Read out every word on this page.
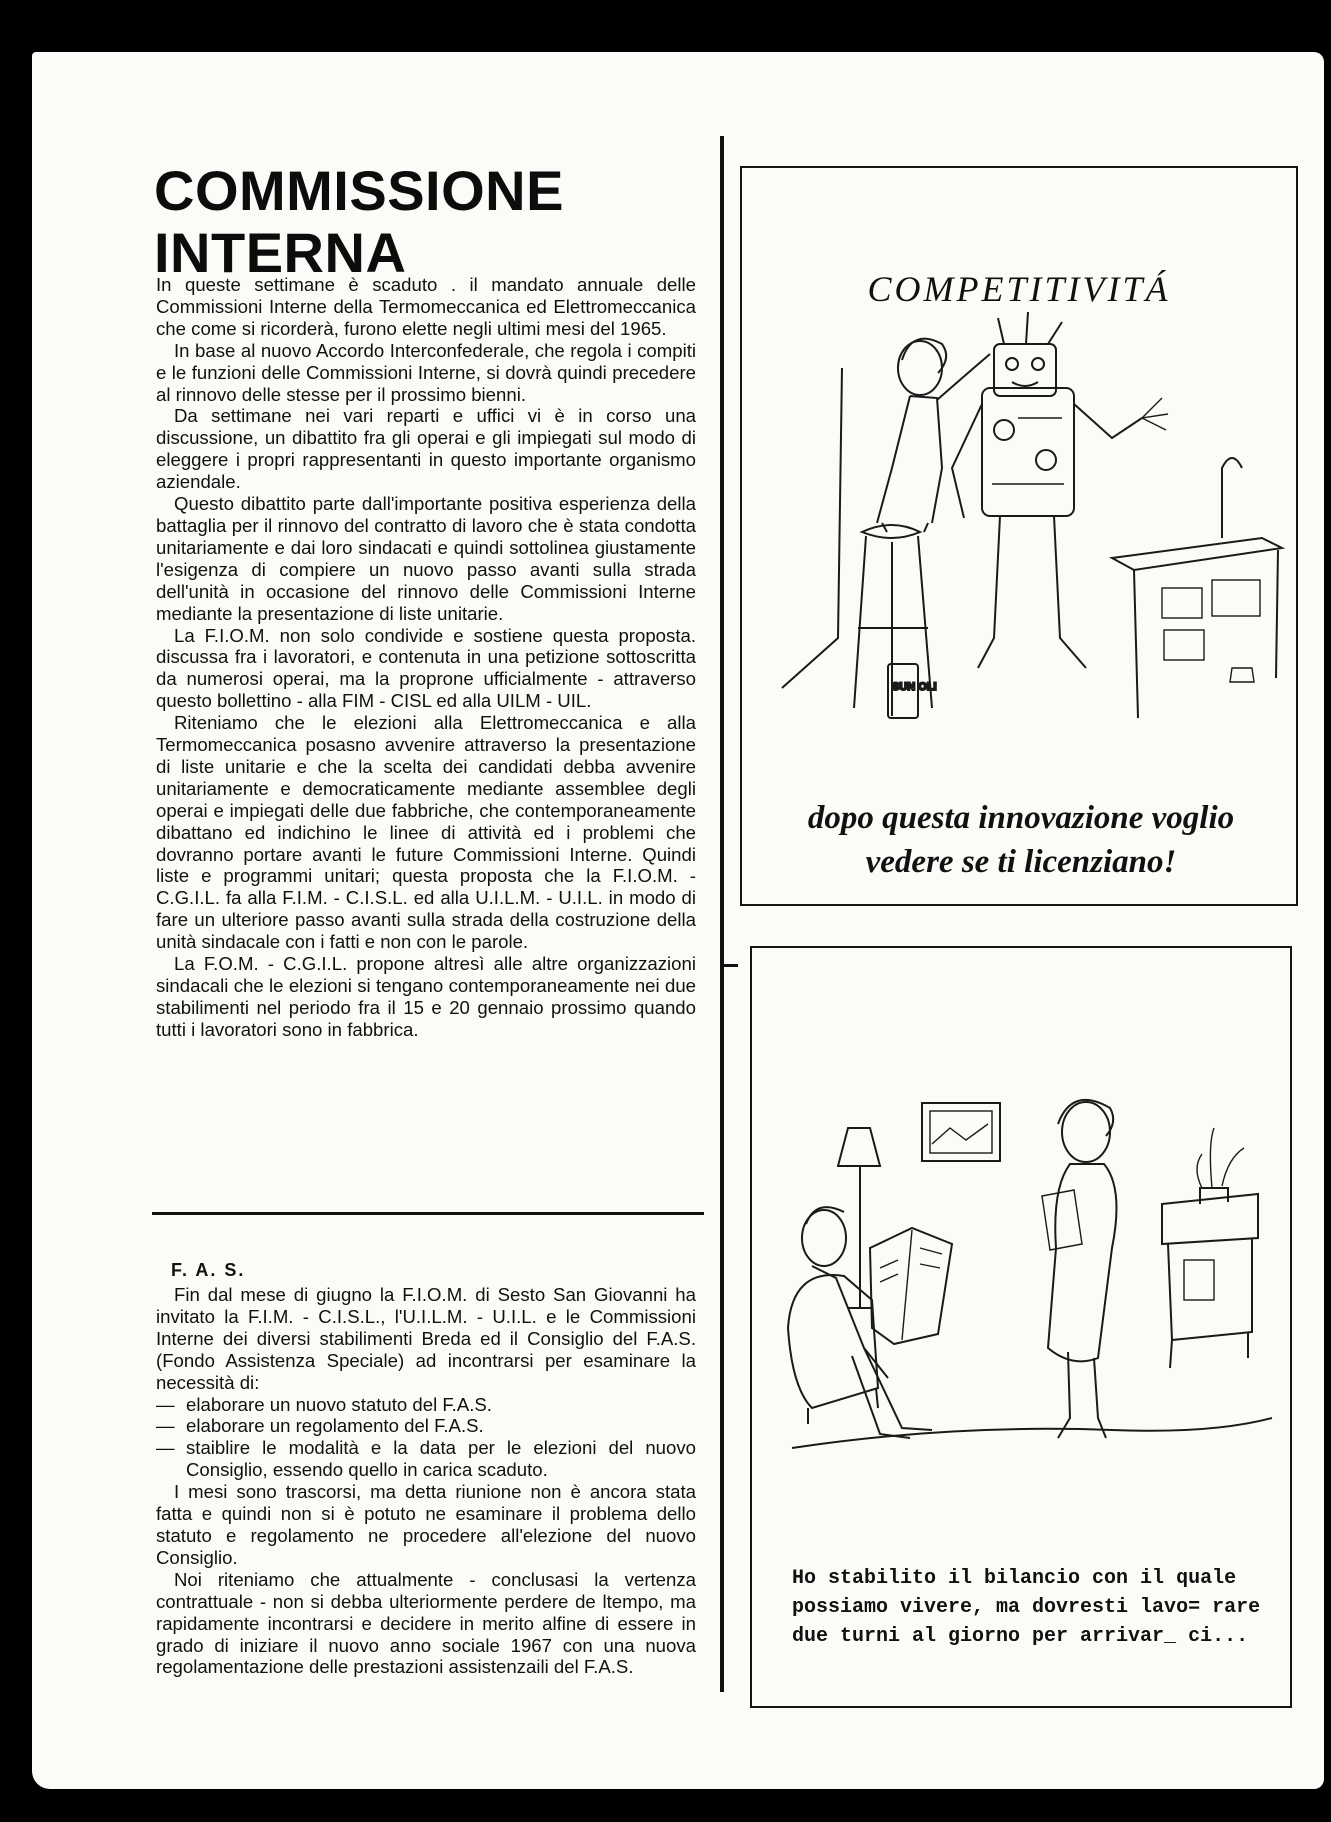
COMMISSIONE
INTERNA

In queste settimane è scaduto . il mandato annuale delle Commissioni Interne della Termomeccanica ed Elettromeccanica che come si ricorderà, furono elette negli ultimi mesi del 1965.

In base al nuovo Accordo Interconfederale, che regola i compiti e le funzioni delle Commissioni Interne, si dovrà quindi precedere al rinnovo delle stesse per il prossimo bienni.

Da settimane nei vari reparti e uffici vi è in corso una discussione, un dibattito fra gli operai e gli impiegati sul modo di eleggere i propri rappresentanti in questo importante organismo aziendale.

Questo dibattito parte dall'importante positiva esperienza della battaglia per il rinnovo del contratto di lavoro che è stata condotta unitariamente e dai loro sindacati e quindi sottolinea giustamente l'esigenza di compiere un nuovo passo avanti sulla strada dell'unità in occasione del rinnovo delle Commissioni Interne mediante la presentazione di liste unitarie.

La F.I.O.M. non solo condivide e sostiene questa proposta. discussa fra i lavoratori, e contenuta in una petizione sottoscritta da numerosi operai, ma la proprone ufficialmente - attraverso questo bollettino - alla FIM - CISL ed alla UILM - UIL.

Riteniamo che le elezioni alla Elettromeccanica e alla Termomeccanica posasno avvenire attraverso la presentazione di liste unitarie e che la scelta dei candidati debba avvenire unitariamente e democraticamente mediante assemblee degli operai e impiegati delle due fabbriche, che contemporaneamente dibattano ed indichino le linee di attività ed i problemi che dovranno portare avanti le future Commissioni Interne. Quindi liste e programmi unitari; questa proposta che la F.I.O.M. - C.G.I.L. fa alla F.I.M. - C.I.S.L. ed alla U.I.L.M. - U.I.L. in modo di fare un ulteriore passo avanti sulla strada della costruzione della unità sindacale con i fatti e non con le parole.

La F.O.M. - C.G.I.L. propone altresì alle altre organizzazioni sindacali che le elezioni si tengano contemporaneamente nei due stabilimenti nel periodo fra il 15 e 20 gennaio prossimo quando tutti i lavoratori sono in fabbrica.

F. A. S.

Fin dal mese di giugno la F.I.O.M. di Sesto San Giovanni ha invitato la F.I.M. - C.I.S.L., l'U.I.L.M. - U.I.L. e le Commissioni Interne dei diversi stabilimenti Breda ed il Consiglio del F.A.S. (Fondo Assistenza Speciale) ad incontrarsi per esaminare la necessità di:

— elaborare un nuovo statuto del F.A.S.
— elaborare un regolamento del F.A.S.
— staiblire le modalità e la data per le elezioni del nuovo Consiglio, essendo quello in carica scaduto.

I mesi sono trascorsi, ma detta riunione non è ancora stata fatta e quindi non si è potuto ne esaminare il problema dello statuto e regolamento ne procedere all'elezione del nuovo Consiglio.

Noi riteniamo che attualmente - conclusasi la vertenza contrattuale - non si debba ulteriormente perdere de ltempo, ma rapidamente incontrarsi e decidere in merito alfine di essere in grado di iniziare il nuovo anno sociale 1967 con una nuova regolamentazione delle prestazioni assistenzaili del F.A.S.

COMPETITIVITÁ
SUN OLI
dopo questa innovazione voglio vedere se ti licenziano!
Ho stabilito il bilancio con il quale possiamo vivere, ma dovresti lavo= rare due turni al giorno per arrivar_ ci...
